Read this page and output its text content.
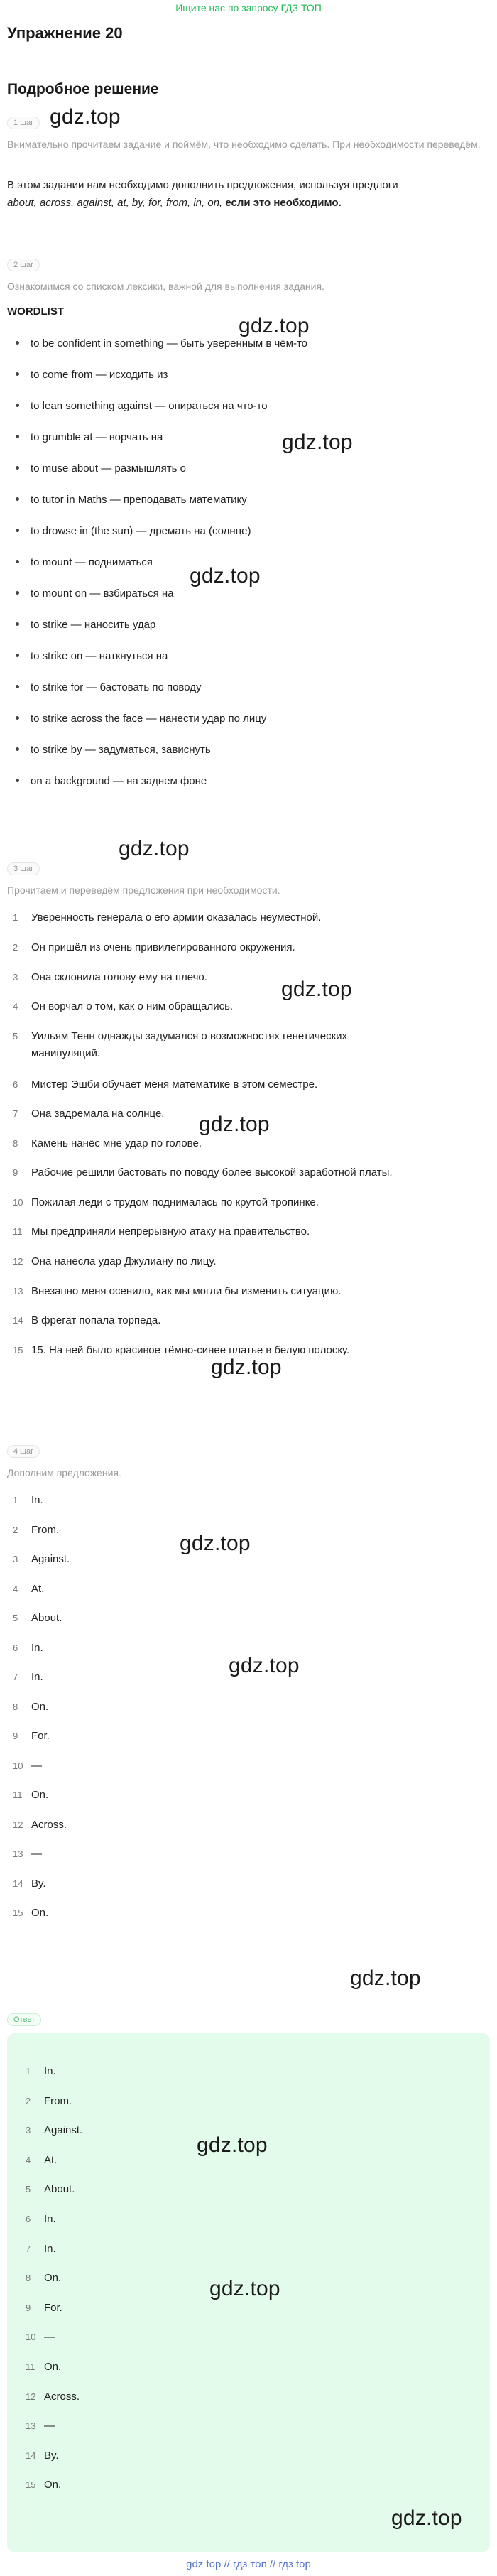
Ищите нас по запросу ГДЗ ТОП
Упражнение 20
Подробное решение
1 шаг
Внимательно прочитаем задание и поймём, что необходимо сделать. При необходимости переведём.
В этом задании нам необходимо дополнить предложения, используя предлоги
about, across, against, at, by, for, from, in, on, если это необходимо.
2 шаг
Ознакомимся со списком лексики, важной для выполнения задания.
WORDLIST
to be confident in something — быть уверенным в чём-то
to come from — исходить из
to lean something against — опираться на что-то
to grumble at — ворчать на
to muse about — размышлять о
to tutor in Maths — преподавать математику
to drowse in (the sun) — дремать на (солнце)
to mount — подниматься
to mount on — взбираться на
to strike — наносить удар
to strike on — наткнуться на
to strike for — бастовать по поводу
to strike across the face — нанести удар по лицу
to strike by — задуматься, зависнуть
on a background — на заднем фоне
3 шаг
Прочитаем и переведём предложения при необходимости.
1 Уверенность генерала о его армии оказалась неуместной.
2 Он пришёл из очень привилегированного окружения.
3 Она склонила голову ему на плечо.
4 Он ворчал о том, как о ним обращались.
5 Уильям Тенн однажды задумался о возможностях генетических
манипуляций.
6 Мистер Эшби обучает меня математике в этом семестре.
7 Она задремала на солнце.
8 Камень нанёс мне удар по голове.
9 Рабочие решили бастовать по поводу более высокой заработной платы.
10 Пожилая леди с трудом поднималась по крутой тропинке.
11 Мы предприняли непрерывную атаку на правительство.
12 Она нанесла удар Джулиану по лицу.
13 Внезапно меня осенило, как мы могли бы изменить ситуацию.
14 В фрегат попала торпеда.
15 15. На ней было красивое тёмно-синее платье в белую полоску.
4 шаг
Дополним предложения.
1 In.
2 From.
3 Against.
4 At.
5 About.
6 In.
7 In.
8 On.
9 For.
10 —
11 On.
12 Across.
13 —
14 By.
15 On.
Ответ
1 In.
2 From.
3 Against.
4 At.
5 About.
6 In.
7 In.
8 On.
9 For.
10 —
11 On.
12 Across.
13 —
14 By.
15 On.
gdz.top
gdz.top
gdz.top
gdz.top
gdz.top
gdz.top
gdz.top
gdz.top
gdz.top
gdz.top
gdz.top
gdz.top
gdz.top
gdz.top
gdz top // гдз топ // гдз top
